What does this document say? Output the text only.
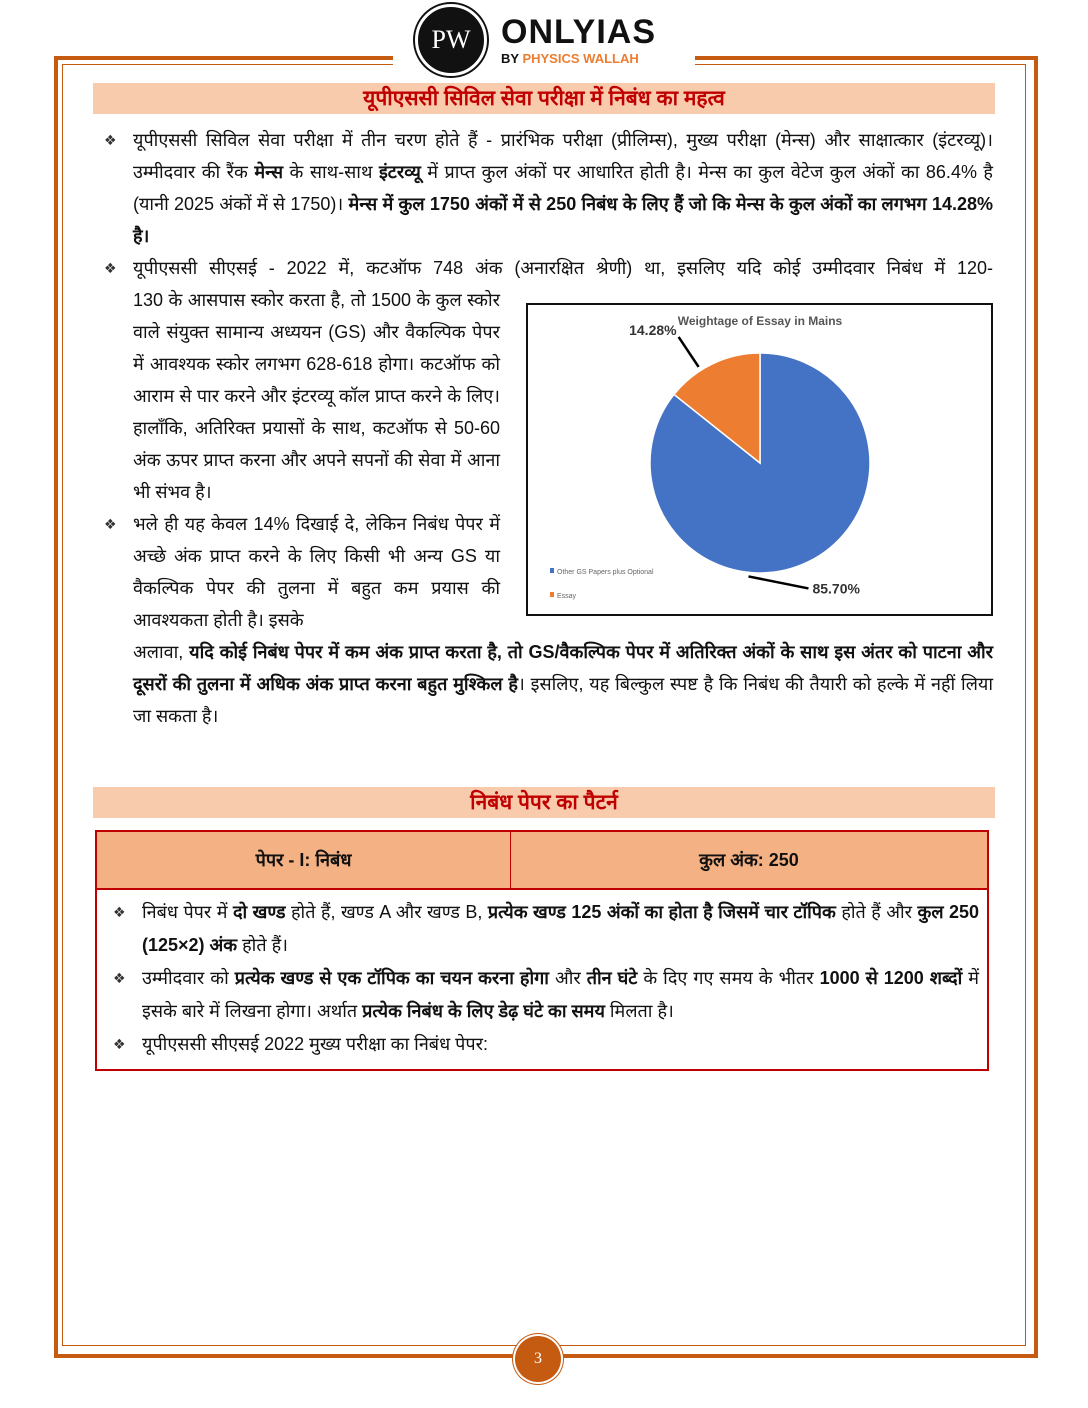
PW ONLYIAS
BY PHYSICS WALLAH
यूपीएससी सिविल सेवा परीक्षा में निबंध का महत्व
❖ यूपीएससी सिविल सेवा परीक्षा में तीन चरण होते हैं - प्रारंभिक परीक्षा (प्रीलिम्स), मुख्य परीक्षा (मेन्स) और साक्षात्कार (इंटरव्यू)। उम्मीदवार की रैंक मेन्स के साथ-साथ इंटरव्यू में प्राप्त कुल अंकों पर आधारित होती है। मेन्स का कुल वेटेज कुल अंकों का 86.4% है (यानी 2025 अंकों में से 1750)। मेन्स में कुल 1750 अंकों में से 250 निबंध के लिए हैं जो कि मेन्स के कुल अंकों का लगभग 14.28% है।
❖ यूपीएससी सीएसई - 2022 में, कटऑफ 748 अंक (अनारक्षित श्रेणी) था, इसलिए यदि कोई उम्मीदवार निबंध में 120-
130 के आसपास स्कोर करता है, तो 1500 के कुल स्कोर वाले संयुक्त सामान्य अध्ययन (GS) और वैकल्पिक पेपर में आवश्यक स्कोर लगभग 628-618 होगा। कटऑफ को आराम से पार करने और इंटरव्यू कॉल प्राप्त करने के लिए। हालाँकि, अतिरिक्त प्रयासों के साथ, कटऑफ से 50-60 अंक ऊपर प्राप्त करना और अपने सपनों की सेवा में आना भी संभव है।
❖ भले ही यह केवल 14% दिखाई दे, लेकिन निबंध पेपर में अच्छे अंक प्राप्त करने के लिए किसी भी अन्य GS या वैकल्पिक पेपर की तुलना में बहुत कम प्रयास की आवश्यकता होती है। इसके
Weightage of Essay in Mains
85.70%
14.28%
Other GS Papers plus Optional
Essay
अलावा, यदि कोई निबंध पेपर में कम अंक प्राप्त करता है, तो GS/वैकल्पिक पेपर में अतिरिक्त अंकों के साथ इस अंतर को पाटना और दूसरों की तुलना में अधिक अंक प्राप्त करना बहुत मुश्किल है। इसलिए, यह बिल्कुल स्पष्ट है कि निबंध की तैयारी को हल्के में नहीं लिया जा सकता है।
निबंध पेपर का पैटर्न
पेपर - I: निबंध	कुल अंक: 250
❖ निबंध पेपर में दो खण्ड होते हैं, खण्ड A और खण्ड B, प्रत्येक खण्ड 125 अंकों का होता है जिसमें चार टॉपिक होते हैं और कुल 250 (125×2) अंक होते हैं।
❖ उम्मीदवार को प्रत्येक खण्ड से एक टॉपिक का चयन करना होगा और तीन घंटे के दिए गए समय के भीतर 1000 से 1200 शब्दों में इसके बारे में लिखना होगा। अर्थात प्रत्येक निबंध के लिए डेढ़ घंटे का समय मिलता है।
❖ यूपीएससी सीएसई 2022 मुख्य परीक्षा का निबंध पेपर:
3
